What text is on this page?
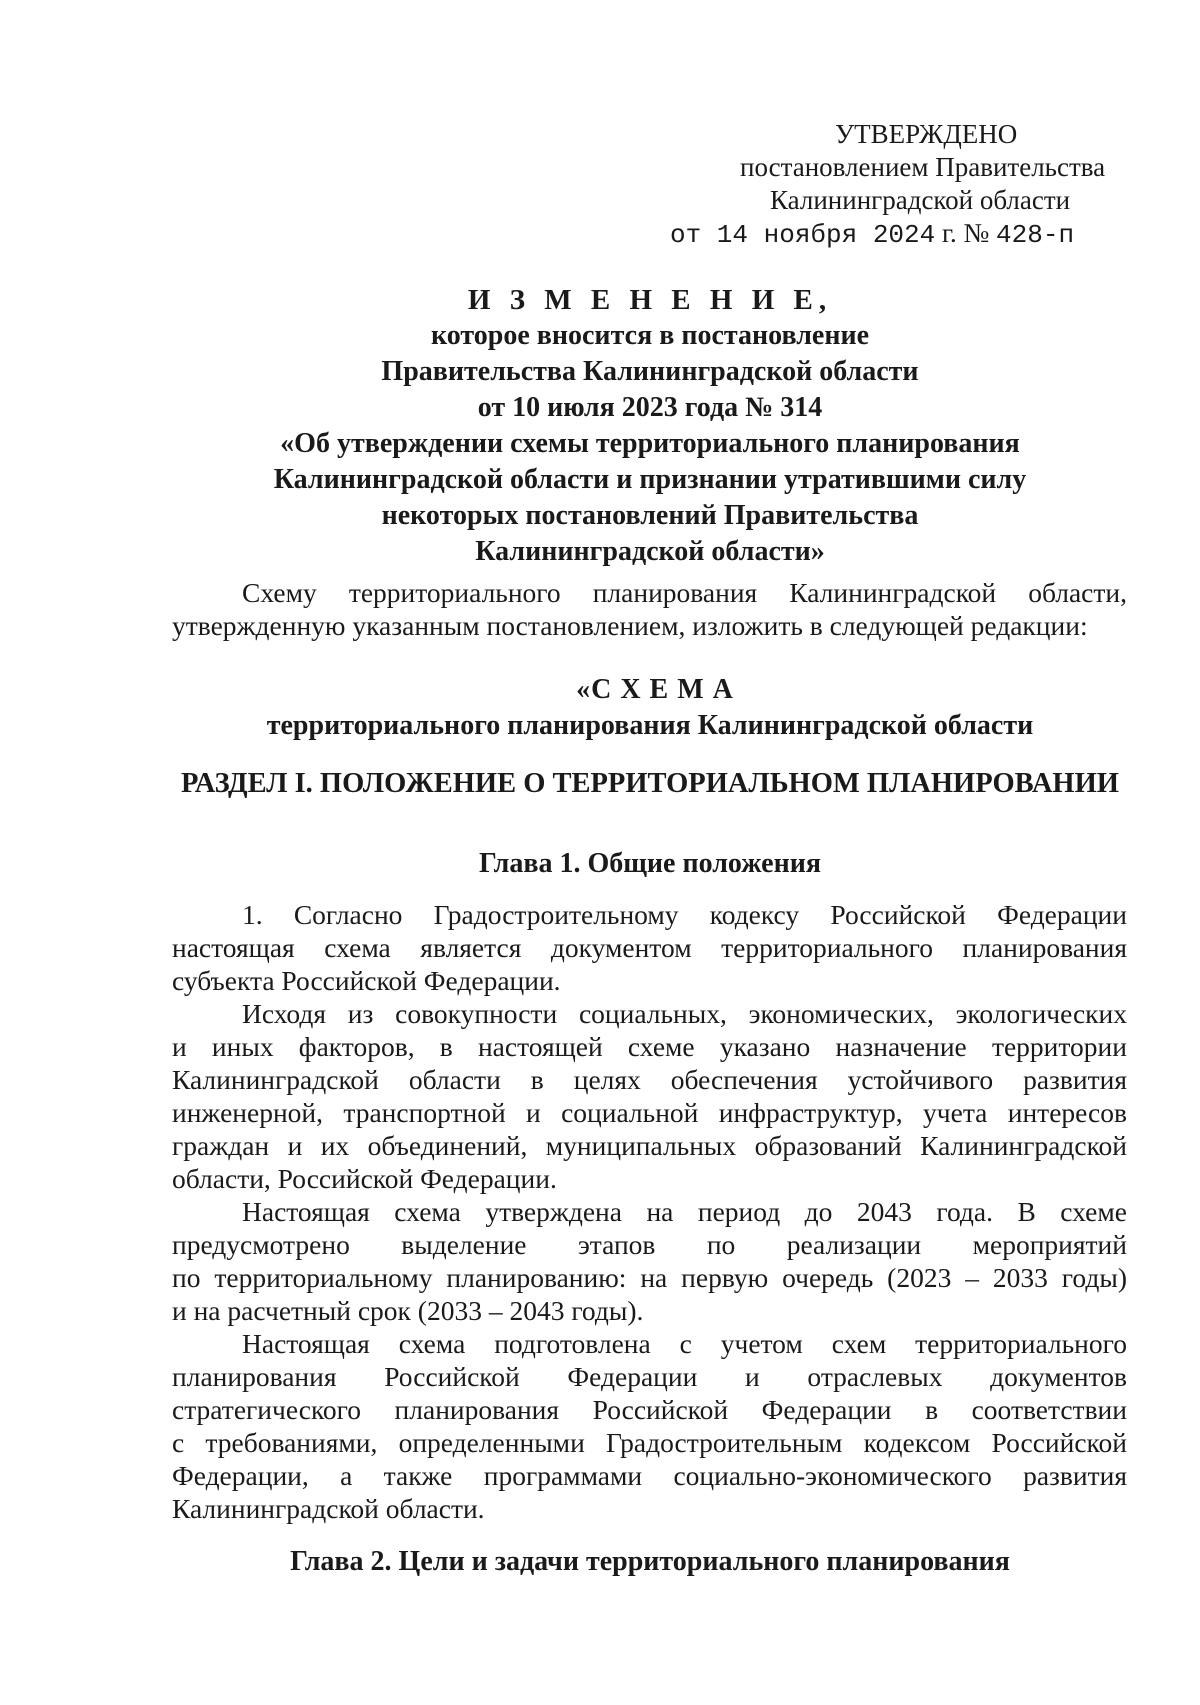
УТВЕРЖДЕНО
постановлением Правительства
Калининградской области
от 14 ноября 2024 г. № 428-п
И З М Е Н Е Н И Е,
которое вносится в постановление
Правительства Калининградской области
от 10 июля 2023 года № 314
«Об утверждении схемы территориального планирования
Калининградской области и признании утратившими силу
некоторых постановлений Правительства
Калининградской области»
Схему территориального планирования Калининградской области,
утвержденную указанным постановлением, изложить в следующей редакции:
«С Х Е М А
территориального планирования Калининградской области
РАЗДЕЛ I. ПОЛОЖЕНИЕ О ТЕРРИТОРИАЛЬНОМ ПЛАНИРОВАНИИ
Глава 1. Общие положения
1. Согласно Градостроительному кодексу Российской Федерации
настоящая схема является документом территориального планирования
субъекта Российской Федерации.
Исходя из совокупности социальных, экономических, экологических
и иных факторов, в настоящей схеме указано назначение территории
Калининградской области в целях обеспечения устойчивого развития
инженерной, транспортной и социальной инфраструктур, учета интересов
граждан и их объединений, муниципальных образований Калининградской
области, Российской Федерации.
Настоящая схема утверждена на период до 2043 года. В схеме
предусмотрено выделение этапов по реализации мероприятий
по территориальному планированию: на первую очередь (2023 – 2033 годы)
и на расчетный срок (2033 – 2043 годы).
Настоящая схема подготовлена с учетом схем территориального
планирования Российской Федерации и отраслевых документов
стратегического планирования Российской Федерации в соответствии
с требованиями, определенными Градостроительным кодексом Российской
Федерации, а также программами социально-экономического развития
Калининградской области.
Глава 2. Цели и задачи территориального планирования
